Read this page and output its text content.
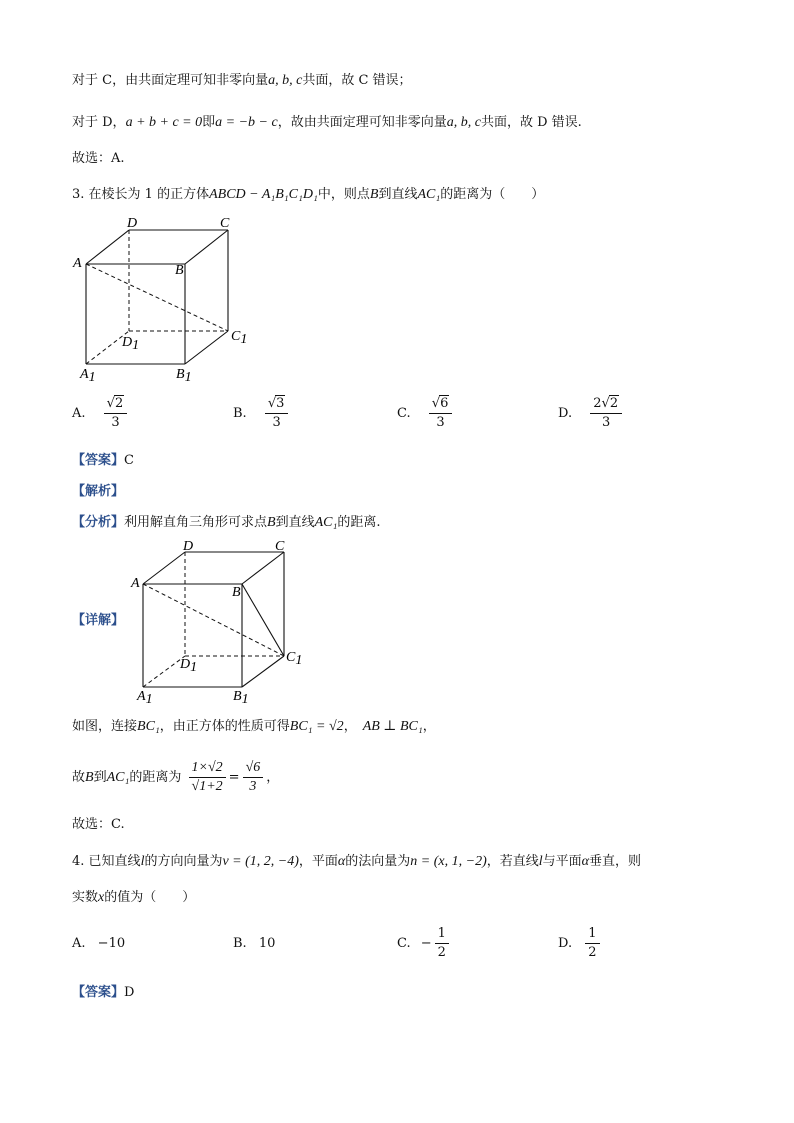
对于 C，由共面定理可知非零向量a, b, c共面，故 C 错误；
对于 D，a + b + c = 0即a = −b − c，故由共面定理可知非零向量a, b, c共面，故 D 错误.
故选：A.
3. 在棱长为 1 的正方体ABCD − A₁B₁C₁D₁中，则点B到直线AC₁的距离为（　　）
D	C
A	B
D1
C1
A1	B1
A. $\frac{√2}{3}$	B. $\frac{√3}{3}$	C. $\frac{√6}{3}$	D. $\frac{2√2}{3}$
【答案】C
【解析】
【分析】利用解直角三角形可求点B到直线AC₁的距离.
【详解】
D	C
A
B
D1
C1
A1	B1
如图，连接BC₁，由正方体的性质可得BC₁ = √2， AB ⊥ BC₁，
故B到AC₁的距离为 $\frac{1\times√2}{√1+2} = \frac{√6}{3}$ ，
故选：C.
4. 已知直线l的方向向量为v = (1, 2, −4)，平面α的法向量为n = (x, 1, −2)，若直线l与平面α垂直，则
实数x的值为（　　）
A. −10	B. 10	C. − $\frac{1}{2}$	D. $\frac{1}{2}$
【答案】D
